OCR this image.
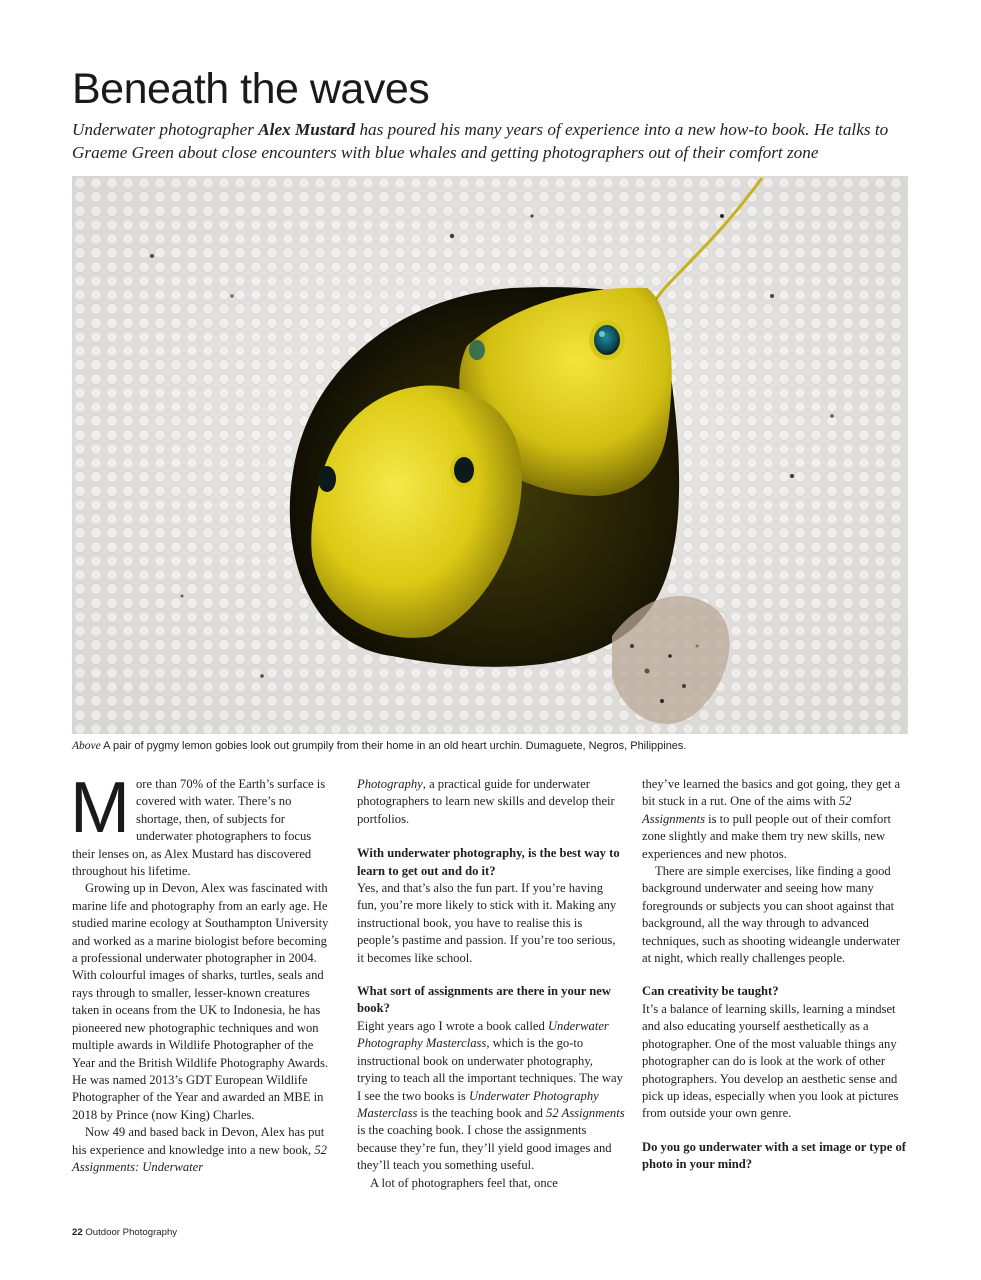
Beneath the waves

Underwater photographer Alex Mustard has poured his many years of experience into a new how-to book. He talks to Graeme Green about close encounters with blue whales and getting photographers out of their comfort zone

Above A pair of pygmy lemon gobies look out grumpily from their home in an old heart urchin. Dumaguete, Negros, Philippines.

More than 70% of the Earth’s surface is covered with water. There’s no shortage, then, of subjects for underwater photographers to focus their lenses on, as Alex Mustard has discovered throughout his lifetime.

Growing up in Devon, Alex was fascinated with marine life and photography from an early age. He studied marine ecology at Southampton University and worked as a marine biologist before becoming a professional underwater photographer in 2004. With colourful images of sharks, turtles, seals and rays through to smaller, lesser-known creatures taken in oceans from the UK to Indonesia, he has pioneered new photographic techniques and won multiple awards in Wildlife Photographer of the Year and the British Wildlife Photography Awards. He was named 2013’s GDT European Wildlife Photographer of the Year and awarded an MBE in 2018 by Prince (now King) Charles.

Now 49 and based back in Devon, Alex has put his experience and knowledge into a new book, 52 Assignments: Underwater

Photography, a practical guide for underwater photographers to learn new skills and develop their portfolios.

With underwater photography, is the best way to learn to get out and do it?

Yes, and that’s also the fun part. If you’re having fun, you’re more likely to stick with it. Making any instructional book, you have to realise this is people’s pastime and passion. If you’re too serious, it becomes like school.

What sort of assignments are there in your new book?

Eight years ago I wrote a book called Underwater Photography Masterclass, which is the go-to instructional book on underwater photography, trying to teach all the important techniques. The way I see the two books is Underwater Photography Masterclass is the teaching book and 52 Assignments is the coaching book. I chose the assignments because they’re fun, they’ll yield good images and they’ll teach you something useful.

A lot of photographers feel that, once

they’ve learned the basics and got going, they get a bit stuck in a rut. One of the aims with 52 Assignments is to pull people out of their comfort zone slightly and make them try new skills, new experiences and new photos.

There are simple exercises, like finding a good background underwater and seeing how many foregrounds or subjects you can shoot against that background, all the way through to advanced techniques, such as shooting wideangle underwater at night, which really challenges people.

Can creativity be taught?

It’s a balance of learning skills, learning a mindset and also educating yourself aesthetically as a photographer. One of the most valuable things any photographer can do is look at the work of other photographers. You develop an aesthetic sense and pick up ideas, especially when you look at pictures from outside your own genre.

Do you go underwater with a set image or type of photo in your mind?

22 Outdoor Photography
